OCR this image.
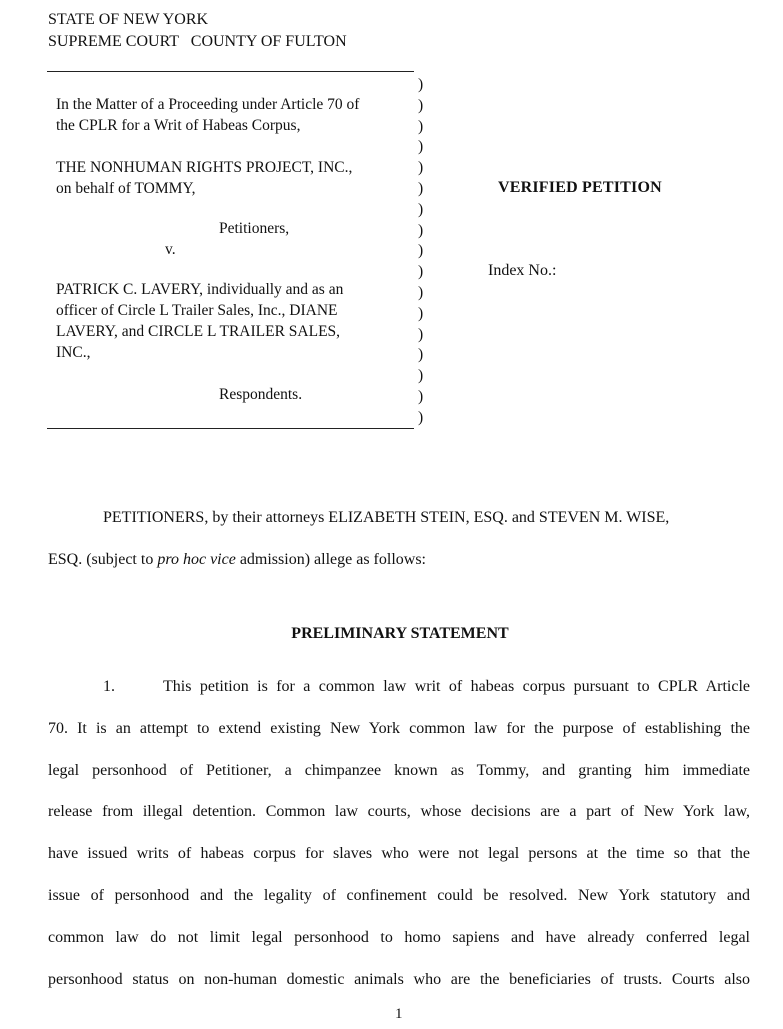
STATE OF NEW YORK
SUPREME COURT   COUNTY OF FULTON
In the Matter of a Proceeding under Article 70 of
the CPLR for a Writ of Habeas Corpus,
THE NONHUMAN RIGHTS PROJECT, INC.,
on behalf of TOMMY,
Petitioners,
v.
PATRICK C. LAVERY, individually and as an
officer of Circle L Trailer Sales, Inc., DIANE
LAVERY, and CIRCLE L TRAILER SALES,
INC.,
Respondents.
)
)
)
)
)
)
)
)
)
)
)
)
)
)
)
)
)
VERIFIED PETITION
Index No.:
PETITIONERS, by their attorneys ELIZABETH STEIN, ESQ. and STEVEN M. WISE,
ESQ. (subject to pro hoc vice admission) allege as follows:
PRELIMINARY STATEMENT
1.	This petition is for a common law writ of habeas corpus pursuant to CPLR Article
70. It is an attempt to extend existing New York common law for the purpose of establishing the
legal personhood of Petitioner, a chimpanzee known as Tommy, and granting him immediate
release from illegal detention. Common law courts, whose decisions are a part of New York law,
have issued writs of habeas corpus for slaves who were not legal persons at the time so that the
issue of personhood and the legality of confinement could be resolved. New York statutory and
common law do not limit legal personhood to homo sapiens and have already conferred legal
personhood status on non-human domestic animals who are the beneficiaries of trusts. Courts also
1
